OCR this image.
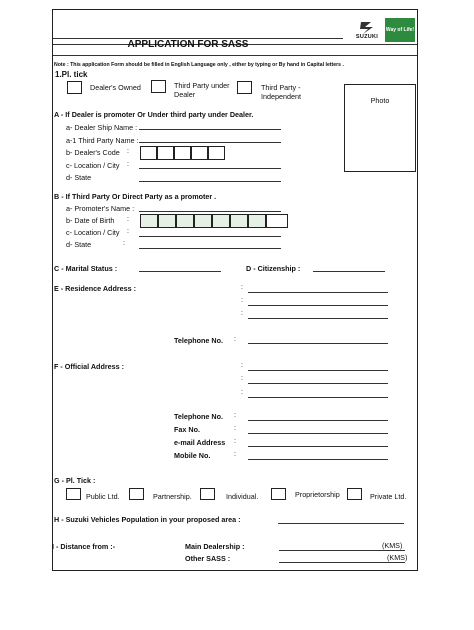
SUZUKI
Way of Life!
APPLICATION FOR SASS
Note : This application Form should be filled in English Language only , either by typing or By hand in Capital letters .
1.Pl. tick
Dealer's Owned	Third Party under Dealer
Third Party - Independent	Photo
A - If Dealer is promoter Or Under third party under Dealer.
a- Dealer Ship Name :
a-1 Third Party Name :
b- Dealer's Code :
c- Location / City :
d- State
B - If Third Party Or Direct Party as a promoter .
a- Promoter's Name :
b- Date of Birth :
c- Location / City :
d- State	:
C - Marital Status :	D - Citizenship :
E - Residence Address :	:
:
:
Telephone No. :
F - Official Address :	:
:
:
Telephone No. :
Fax No.	:
e-mail Address :
Mobile No.	:
G - Pl. Tick :
Public Ltd.	Partnership.	Individual.	Proprietorship	Private Ltd.
H - Suzuki Vehicles Population in your proposed area :
I - Distance from :-	Main Dealership :	(KMS)
Other SASS :	(KMS)
